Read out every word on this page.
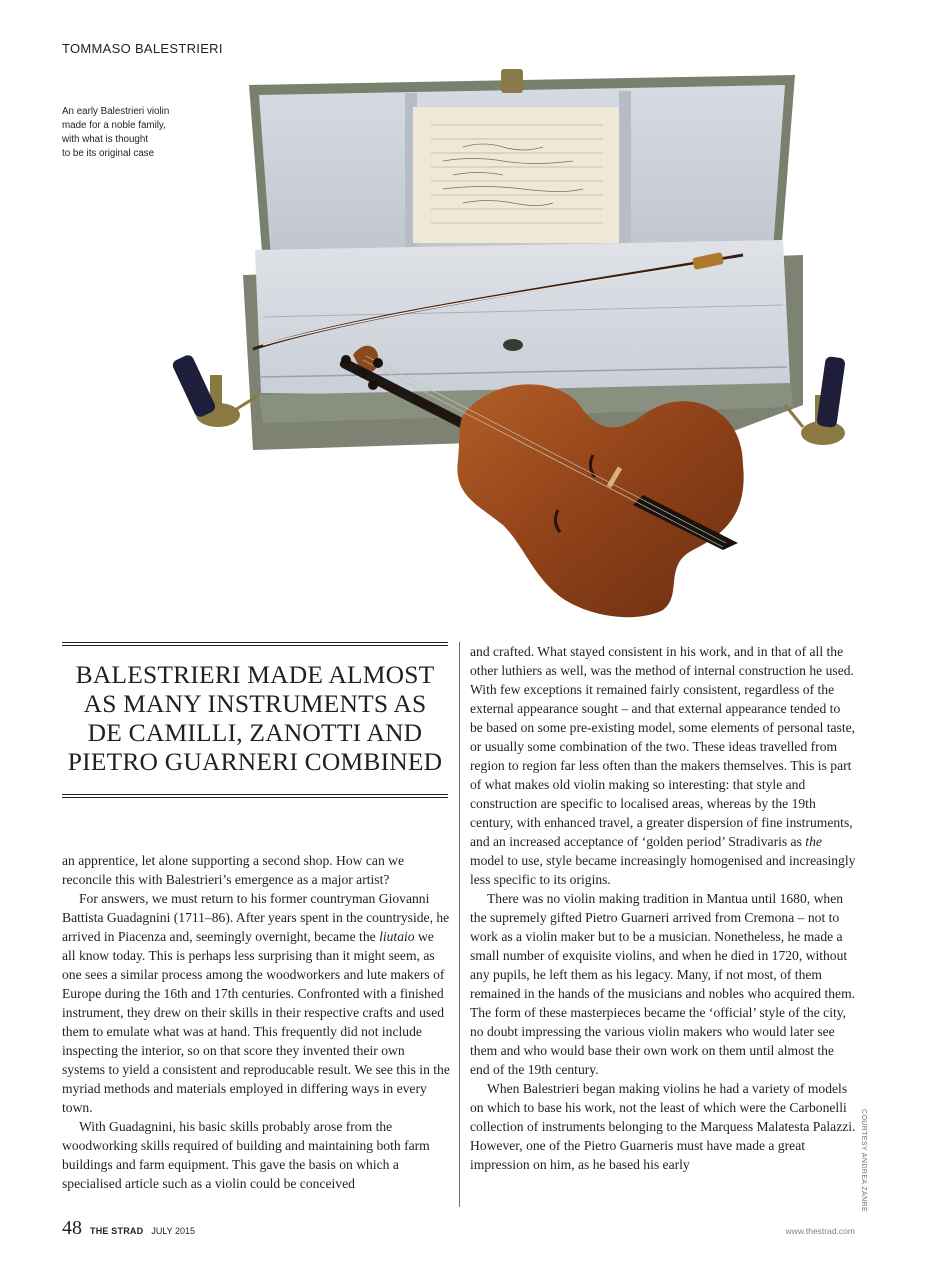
TOMMASO BALESTRIERI
An early Balestrieri violin
made for a noble family,
with what is thought
to be its original case

BALESTRIERI MADE ALMOST
AS MANY INSTRUMENTS AS
DE CAMILLI, ZANOTTI AND
PIETRO GUARNERI COMBINED

an apprentice, let alone supporting a second shop. How can we reconcile this with Balestrieri’s emergence as a major artist?

For answers, we must return to his former countryman Giovanni Battista Guadagnini (1711–86). After years spent in the countryside, he arrived in Piacenza and, seemingly overnight, became the liutaio we all know today. This is perhaps less surprising than it might seem, as one sees a similar process among the woodworkers and lute makers of Europe during the 16th and 17th centuries. Confronted with a finished instrument, they drew on their skills in their respective crafts and used them to emulate what was at hand. This frequently did not include inspecting the interior, so on that score they invented their own systems to yield a consistent and reproducable result. We see this in the myriad methods and materials employed in differing ways in every town.

With Guadagnini, his basic skills probably arose from the woodworking skills required of building and maintaining both farm buildings and farm equipment. This gave the basis on which a specialised article such as a violin could be conceived

and crafted. What stayed consistent in his work, and in that of all the other luthiers as well, was the method of internal construction he used. With few exceptions it remained fairly consistent, regardless of the external appearance sought – and that external appearance tended to be based on some pre-existing model, some elements of personal taste, or usually some combination of the two. These ideas travelled from region to region far less often than the makers themselves. This is part of what makes old violin making so interesting: that style and construction are specific to localised areas, whereas by the 19th century, with enhanced travel, a greater dispersion of fine instruments, and an increased acceptance of ‘golden period’ Stradivaris as the model to use, style became increasingly homogenised and increasingly less specific to its origins.

There was no violin making tradition in Mantua until 1680, when the supremely gifted Pietro Guarneri arrived from Cremona – not to work as a violin maker but to be a musician. Nonetheless, he made a small number of exquisite violins, and when he died in 1720, without any pupils, he left them as his legacy. Many, if not most, of them remained in the hands of the musicians and nobles who acquired them. The form of these masterpieces became the ‘official’ style of the city, no doubt impressing the various violin makers who would later see them and who would base their own work on them until almost the end of the 19th century.

When Balestrieri began making violins he had a variety of models on which to base his work, not the least of which were the Carbonelli collection of instruments belonging to the Marquess Malatesta Palazzi. However, one of the Pietro Guarneris must have made a great impression on him, as he based his early	COURTESY ANDREA ZANRÉ
48 THE STRAD JULY 2015	www.thestrad.com
